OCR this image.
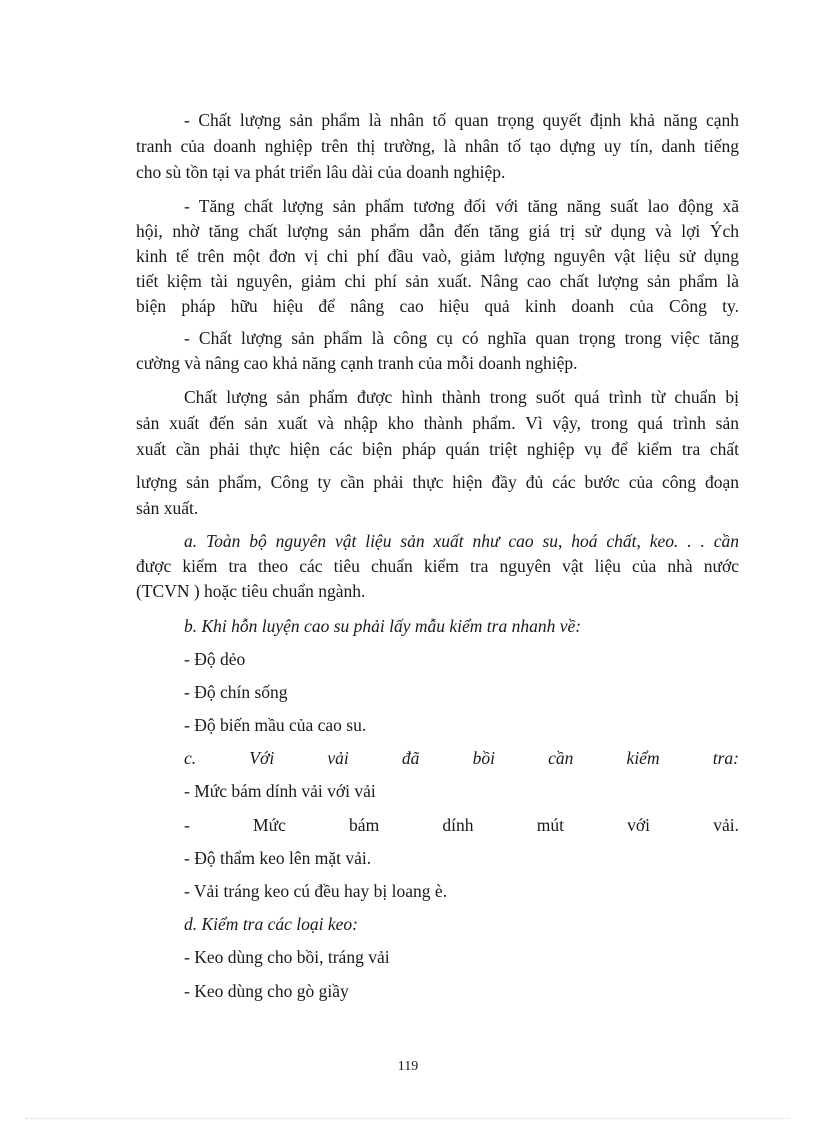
- Chất lượng sản phẩm là nhân tố quan trọng quyết định khả năng cạnh

tranh của doanh nghiệp trên thị trường, là nhân tố tạo dựng uy tín, danh tiếng

cho sù tồn tại va phát triển lâu dài của doanh nghiệp.

- Tăng chất lượng sản phẩm tương đối với tăng năng suất lao động xã

hội, nhờ tăng chất lượng sản phẩm dẫn đến tăng giá trị sử dụng và lợi Ých

kinh tế trên một đơn vị chi phí đầu vaò, giảm lượng nguyên vật liệu sử dụng

tiết kiệm tài nguyên, giảm chi phí sản xuất. Nâng cao chất lượng sản phẩm là

biện pháp hữu hiệu để nâng cao hiệu quả kinh doanh của Công ty.

- Chất lượng sản phẩm là công cụ có nghĩa quan trọng trong việc tăng

cường và nâng cao khả năng cạnh tranh của mỗi doanh nghiệp.

Chất lượng sản phẩm được hình thành trong suốt quá trình từ chuẩn bị

sản xuất đến sản xuất và nhập kho thành phẩm. Vì vậy, trong quá trình sản

xuất cần phải thực hiện các biện pháp quán triệt nghiệp vụ để kiểm tra chất

lượng sản phẩm, Công ty cần phải thực hiện đầy đủ các bước của công đoạn

sản xuất.

a. Toàn bộ nguyên vật liệu sản xuất như cao su, hoá chất, keo. . . cần

được kiểm tra theo các tiêu chuẩn kiểm tra nguyên vật liệu của nhà nước

(TCVN ) hoặc tiêu chuẩn ngành.

b. Khi hỗn luyện cao su phải lấy mẫu kiểm tra nhanh về:

- Độ dẻo

- Độ chín sống

- Độ biến mầu của cao su.

c. Với vải đã bồi cần kiểm tra:

- Mức bám dính vải với vải

- Mức bám dính mút với vải.

- Độ thẩm keo lên mặt vải.

- Vải tráng keo cú đều hay bị loang è.

d. Kiểm tra các loại keo:

- Keo dùng cho bồi, tráng vải

- Keo dùng cho gò giầy

119
